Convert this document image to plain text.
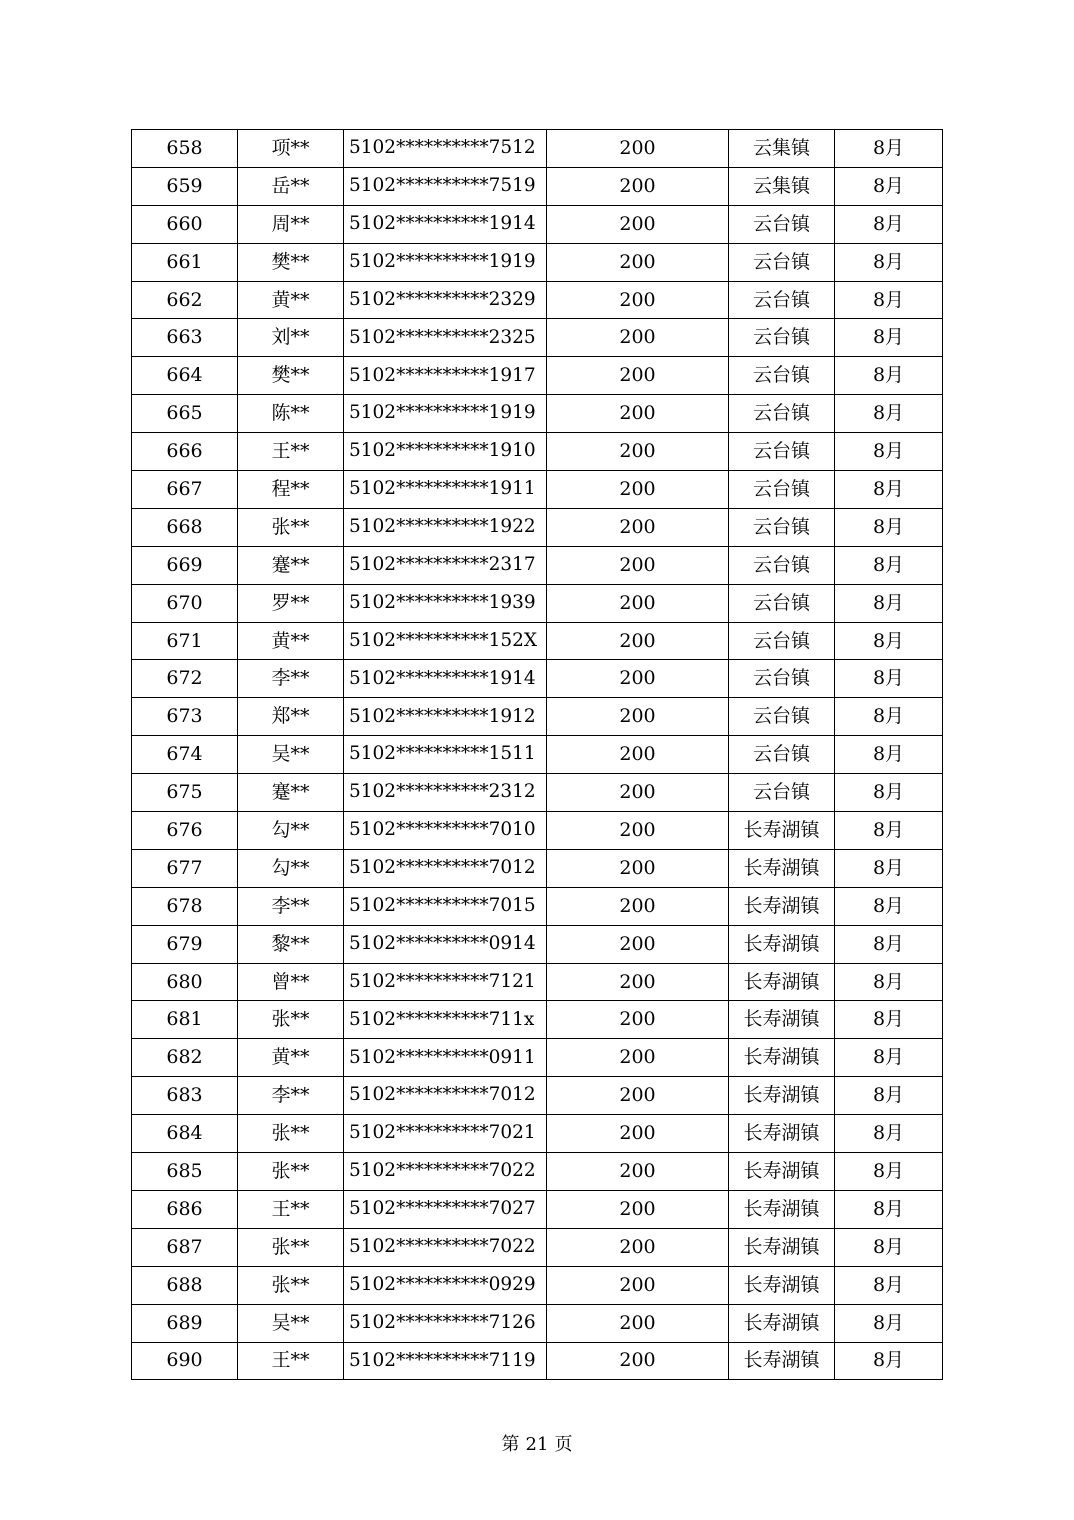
658	项**	5102**********7512	200	云集镇	8月
659	岳**	5102**********7519	200	云集镇	8月
660	周**	5102**********1914	200	云台镇	8月
661	樊**	5102**********1919	200	云台镇	8月
662	黄**	5102**********2329	200	云台镇	8月
663	刘**	5102**********2325	200	云台镇	8月
664	樊**	5102**********1917	200	云台镇	8月
665	陈**	5102**********1919	200	云台镇	8月
666	王**	5102**********1910	200	云台镇	8月
667	程**	5102**********1911	200	云台镇	8月
668	张**	5102**********1922	200	云台镇	8月
669	蹇**	5102**********2317	200	云台镇	8月
670	罗**	5102**********1939	200	云台镇	8月
671	黄**	5102**********152X	200	云台镇	8月
672	李**	5102**********1914	200	云台镇	8月
673	郑**	5102**********1912	200	云台镇	8月
674	吴**	5102**********1511	200	云台镇	8月
675	蹇**	5102**********2312	200	云台镇	8月
676	勾**	5102**********7010	200	长寿湖镇	8月
677	勾**	5102**********7012	200	长寿湖镇	8月
678	李**	5102**********7015	200	长寿湖镇	8月
679	黎**	5102**********0914	200	长寿湖镇	8月
680	曾**	5102**********7121	200	长寿湖镇	8月
681	张**	5102**********711x	200	长寿湖镇	8月
682	黄**	5102**********0911	200	长寿湖镇	8月
683	李**	5102**********7012	200	长寿湖镇	8月
684	张**	5102**********7021	200	长寿湖镇	8月
685	张**	5102**********7022	200	长寿湖镇	8月
686	王**	5102**********7027	200	长寿湖镇	8月
687	张**	5102**********7022	200	长寿湖镇	8月
688	张**	5102**********0929	200	长寿湖镇	8月
689	吴**	5102**********7126	200	长寿湖镇	8月
690	王**	5102**********7119	200	长寿湖镇	8月
第 21 页
